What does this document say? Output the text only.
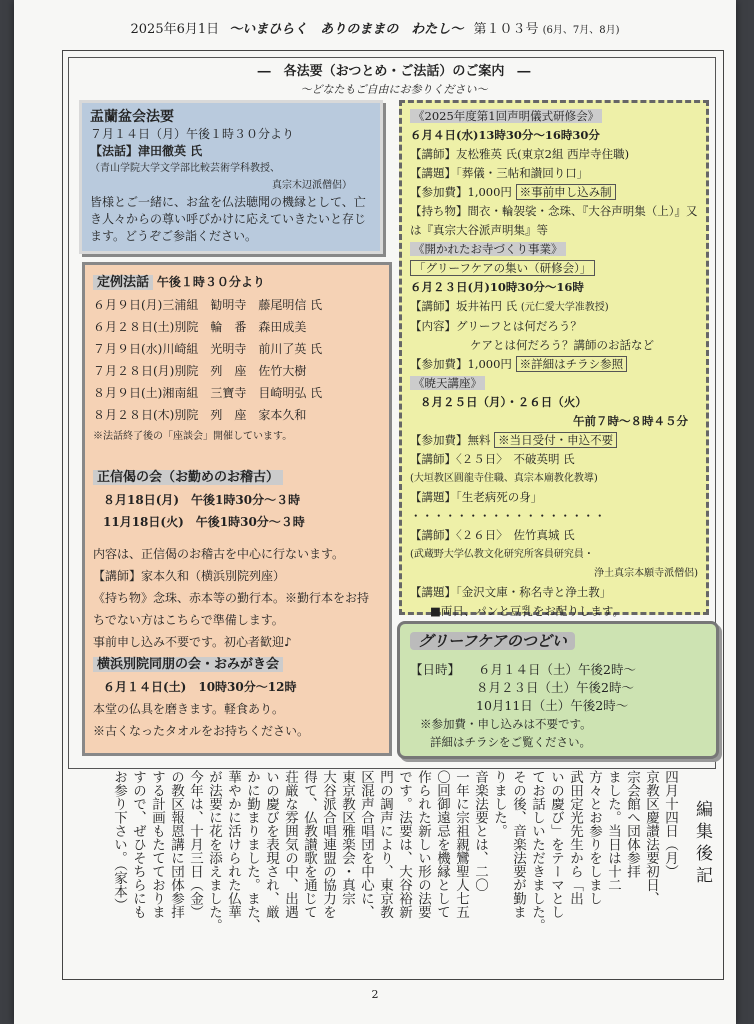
2025年6月1日 ～いまひらく　ありのままの　わたし～ 第１０３号 (6月、7月、8月)
―　各法要（おつとめ・ご法話）のご案内　―
～どなたもご自由にお参りください～
盂蘭盆会法要
７月１４日（月）午後１時３０分より
【法話】津田徹英 氏
（青山学院大学文学部比較芸術学科教授、
真宗木辺派僧侶）
皆様とご一緒に、お盆を仏法聴聞の機縁として、亡き人々からの尊い呼びかけに応えていきたいと存じます。どうぞご参詣ください。
定例法話 午後１時３０分より
６月９日(月)三浦組　勧明寺　藤尾明信 氏
６月２８日(土)別院　輪　番　森田成美
７月９日(水)川崎組　光明寺　前川了英 氏
７月２８日(月)別院　列　座　佐竹大樹
８月９日(土)湘南組　三寶寺　目崎明弘 氏
８月２８日(木)別院　列　座　家本久和
※法話終了後の「座談会」開催しています。
正信偈の会（お勤めのお稽古）
８月18日(月)　午後1時30分～３時
11月18日(火)　午後1時30分～３時
内容は、正信偈のお稽古を中心に行ないます。
【講師】家本久和（横浜別院列座）
《持ち物》念珠、赤本等の勤行本。※勤行本をお持ちでない方はこちらで準備します。
事前申し込み不要です。初心者歓迎♪
横浜別院同朋の会・おみがき会
６月１４日(土)　10時30分～12時
本堂の仏具を磨きます。軽食あり。
※古くなったタオルをお持ちください。
《2025年度第1回声明儀式研修会》
６月４日(水)13時30分～16時30分
【講師】友松雅英 氏(東京2組 西岸寺住職)
【講題】「葬儀・三帖和讃回り口」
【参加費】1,000円 ※事前申し込み制
【持ち物】間衣・輪袈裟・念珠、『大谷声明集（上）』又は『真宗大谷派声明集』等
《開かれたお寺づくり事業》
「グリーフケアの集い（研修会）」
６月２３日(月)10時30分～16時
【講師】坂井祐円 氏 (元仁愛大学准教授)
【内容】グリーフとは何だろう？
ケアとは何だろう？講師のお話など
【参加費】1,000円 ※詳細はチラシ参照
《暁天講座》
８月２５日（月）・２６日（火）
午前７時～８時４５分
【参加費】無料 ※当日受付・申込不要
【講師】〈２５日〉　不破英明 氏
(大垣教区圓龍寺住職、真宗本廟教化教導)
【講題】「生老病死の身」
・・・・・・・・・・・・・・・・・
【講師】〈２６日〉　佐竹真城 氏
(武蔵野大学仏教文化研究所客員研究員・
浄土真宗本願寺派僧侶)
【講題】「金沢文庫・称名寺と浄土教」
■両日、パンと豆乳をお配りします。
グリーフケアのつどい
【日時】 ６月１４日（土）午後2時～
８月２３日（土）午後2時～
10月11日（土）午後2時～
※参加費・申し込みは不要です。
詳細はチラシをご覧ください。
編集後記
四月十四日（月）
京教区慶讃法要初日、
宗会館へ団体参拝
ました。当日は十二
方々とお参りをしまし
武田定光先生から「出
いの慶び」をテーマとし
てお話しいただきました。
その後、音楽法要が勤ま
りました。
音楽法要とは、二〇
一年に宗祖親鸞聖人七五
〇回御遠忌を機縁として
作られた新しい形の法要
です。法要は、大谷裕新
門の調声により、東京教
区混声合唱団を中心に、
東京教区雅楽会・真宗
大谷派合唱連盟の協力を
得て、仏教讃歌を通じて
荘厳な雰囲気の中、出遇
いの慶びを表現され、厳
かに勤まりました。また、
華やかに活けられた仏華
が法要に花を添えました。
今年は、十月三日（金）
の教区報恩講に団体参拝
する計画もたてておりま
すので、ぜひそちらにも
お参り下さい。（家本）
2
